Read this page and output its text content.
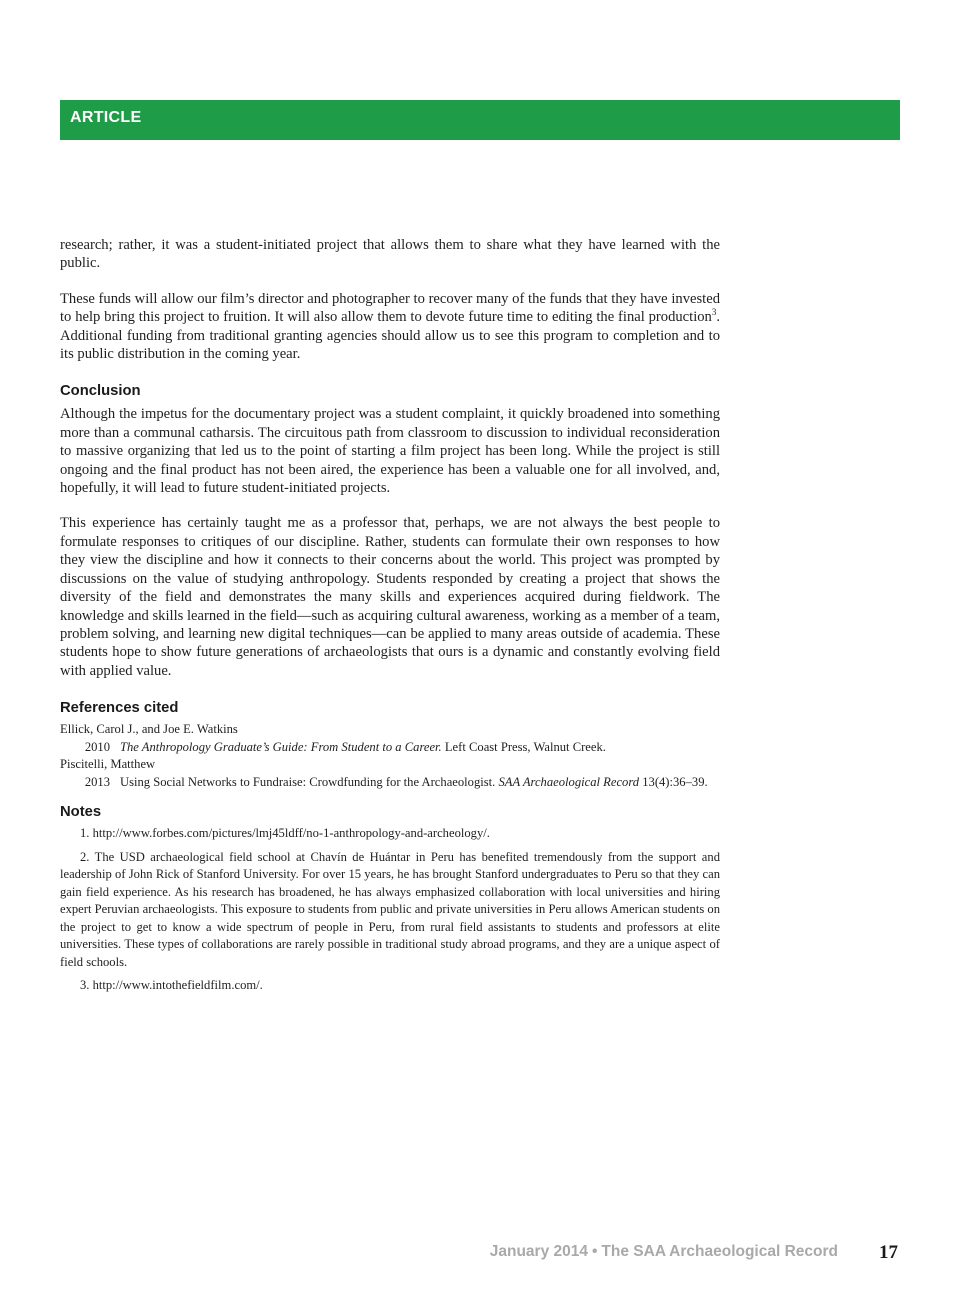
ARTICLE

research; rather, it was a student-initiated project that allows them to share what they have learned with the public.

These funds will allow our film’s director and photographer to recover many of the funds that they have invested to help bring this project to fruition. It will also allow them to devote future time to editing the final production$^3$. Additional funding from traditional granting agencies should allow us to see this program to completion and to its public distribution in the coming year.

Conclusion

Although the impetus for the documentary project was a student complaint, it quickly broadened into something more than a communal catharsis. The circuitous path from classroom to discussion to individual reconsideration to massive organizing that led us to the point of starting a film project has been long. While the project is still ongoing and the final product has not been aired, the experience has been a valuable one for all involved, and, hopefully, it will lead to future student-initiated projects.

This experience has certainly taught me as a professor that, perhaps, we are not always the best people to formulate responses to critiques of our discipline. Rather, students can formulate their own responses to how they view the discipline and how it connects to their concerns about the world. This project was prompted by discussions on the value of studying anthropology. Students responded by creating a project that shows the diversity of the field and demonstrates the many skills and experiences acquired during fieldwork. The knowledge and skills learned in the field—such as acquiring cultural awareness, working as a member of a team, problem solving, and learning new digital techniques—can be applied to many areas outside of academia. These students hope to show future generations of archaeologists that ours is a dynamic and constantly evolving field with applied value.

References cited
Ellick, Carol J., and Joe E. Watkins
2010 The Anthropology Graduate’s Guide: From Student to a Career. Left Coast Press, Walnut Creek.
Piscitelli, Matthew
2013 Using Social Networks to Fundraise: Crowdfunding for the Archaeologist. SAA Archaeological Record 13(4):36–39.
Notes

1. http://www.forbes.com/pictures/lmj45ldff/no-1-anthropology-and-archeology/.

2. The USD archaeological field school at Chavín de Huántar in Peru has benefited tremendously from the support and leadership of John Rick of Stanford University. For over 15 years, he has brought Stanford undergraduates to Peru so that they can gain field experience. As his research has broadened, he has always emphasized collaboration with local universities and hiring expert Peruvian archaeologists. This exposure to students from public and private universities in Peru allows American students on the project to get to know a wide spectrum of people in Peru, from rural field assistants to students and professors at elite universities. These types of collaborations are rarely possible in traditional study abroad programs, and they are a unique aspect of field schools.

3. http://www.intothefieldfilm.com/.

January 2014 • The SAA Archaeological Record 17
